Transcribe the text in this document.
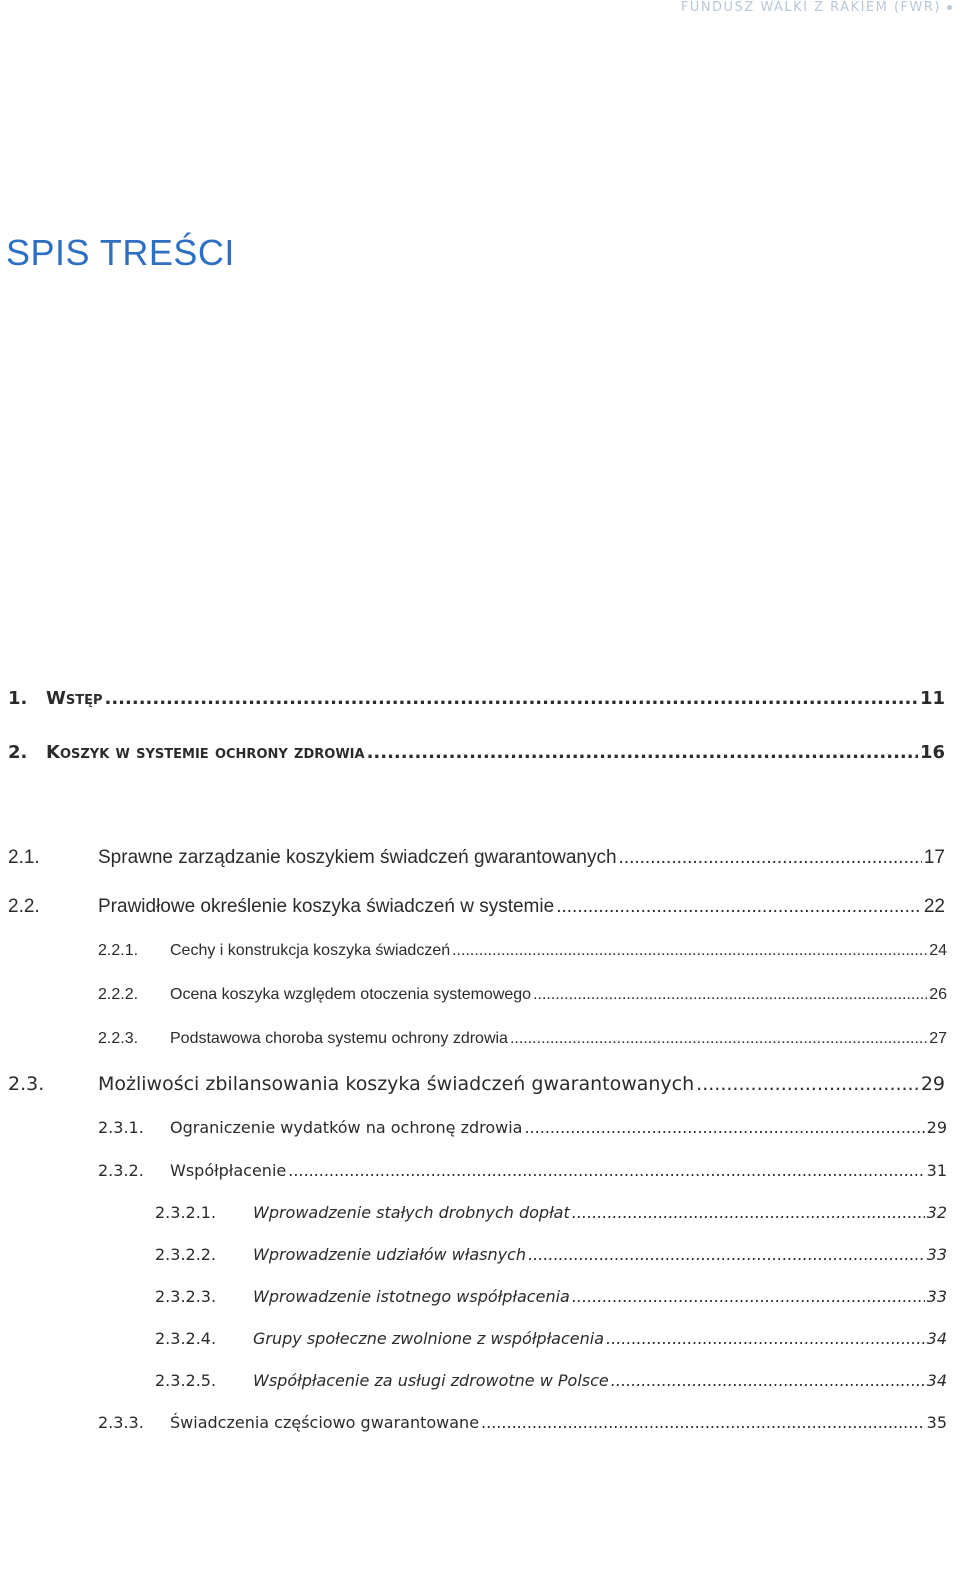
FUNDUSZ WALKI Z RAKIEM (FWR)
SPIS TREŚCI
1.	Wstęp .....	11
2.	Koszyk w systemie ochrony zdrowia .....	16
2.1.	Sprawne zarządzanie koszykiem świadczeń gwarantowanych .....	17
2.2.	Prawidłowe określenie koszyka świadczeń w systemie .....	22
2.2.1.	Cechy i konstrukcja koszyka świadczeń .....	24
2.2.2.	Ocena koszyka względem otoczenia systemowego .....	26
2.2.3.	Podstawowa choroba systemu ochrony zdrowia .....	27
2.3.	Możliwości zbilansowania koszyka świadczeń gwarantowanych .....	29
2.3.1.	Ograniczenie wydatków na ochronę zdrowia .....	29
2.3.2.	Współpłacenie .....	31
2.3.2.1.	Wprowadzenie stałych drobnych dopłat .....	32
2.3.2.2.	Wprowadzenie udziałów własnych .....	33
2.3.2.3.	Wprowadzenie istotnego współpłacenia .....	33
2.3.2.4.	Grupy społeczne zwolnione z współpłacenia .....	34
2.3.2.5.	Współpłacenie za usługi zdrowotne w Polsce .....	34
2.3.3.	Świadczenia częściowo gwarantowane .....	35
